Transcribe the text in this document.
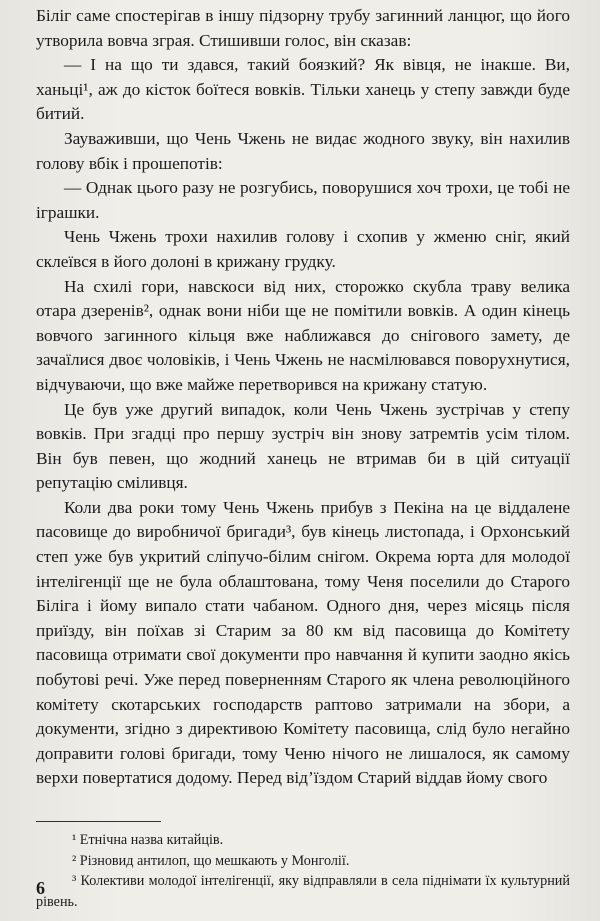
Біліг саме спостерігав в іншу підзорну трубу загинний ланцюг, що його утворила вовча зграя. Стишивши голос, він сказав:

— І на що ти здався, такий боязкий? Як вівця, не інакше. Ви, ханьці¹, аж до кісток боїтеся вовків. Тільки ханець у степу завжди буде битий.

Зауваживши, що Чень Чжень не видає жодного звуку, він нахилив голову вбік і прошепотів:

— Однак цього разу не розгубись, поворушися хоч трохи, це тобі не іграшки.

Чень Чжень трохи нахилив голову і схопив у жменю сніг, який склеївся в його долоні в крижану грудку.

На схилі гори, навскоси від них, сторожко скубла траву велика отара дзеренів², однак вони ніби ще не помітили вовків. А один кінець вовчого загинного кільця вже наближався до снігового замету, де зачаїлися двоє чоловіків, і Чень Чжень не насмілювався поворухнутися, відчуваючи, що вже майже перетворився на крижану статую.

Це був уже другий випадок, коли Чень Чжень зустрічав у степу вовків. При згадці про першу зустріч він знову затремтів усім тілом. Він був певен, що жодний ханець не втримав би в цій ситуації репутацію сміливця.

Коли два роки тому Чень Чжень прибув з Пекіна на це віддалене пасовище до виробничої бригади³, був кінець листопада, і Орхонський степ уже був укритий сліпучо-білим снігом. Окрема юрта для молодої інтелігенції ще не була облаштована, тому Ченя поселили до Старого Біліга і йому випало стати чабаном. Одного дня, через місяць після приїзду, він поїхав зі Старим за 80 км від пасовища до Комітету пасовища отримати свої документи про навчання й купити заодно якісь побутові речі. Уже перед поверненням Старого як члена революційного комітету скотарських господарств раптово затримали на збори, а документи, згідно з директивою Комітету пасовища, слід було негайно доправити голові бригади, тому Ченю нічого не лишалося, як самому верхи повертатися додому. Перед від’їздом Старий віддав йому свого

¹ Етнічна назва китайців.

² Різновид антилоп, що мешкають у Монголії.

³ Колективи молодої інтелігенції, яку відправляли в села піднімати їх культурний рівень.

6
